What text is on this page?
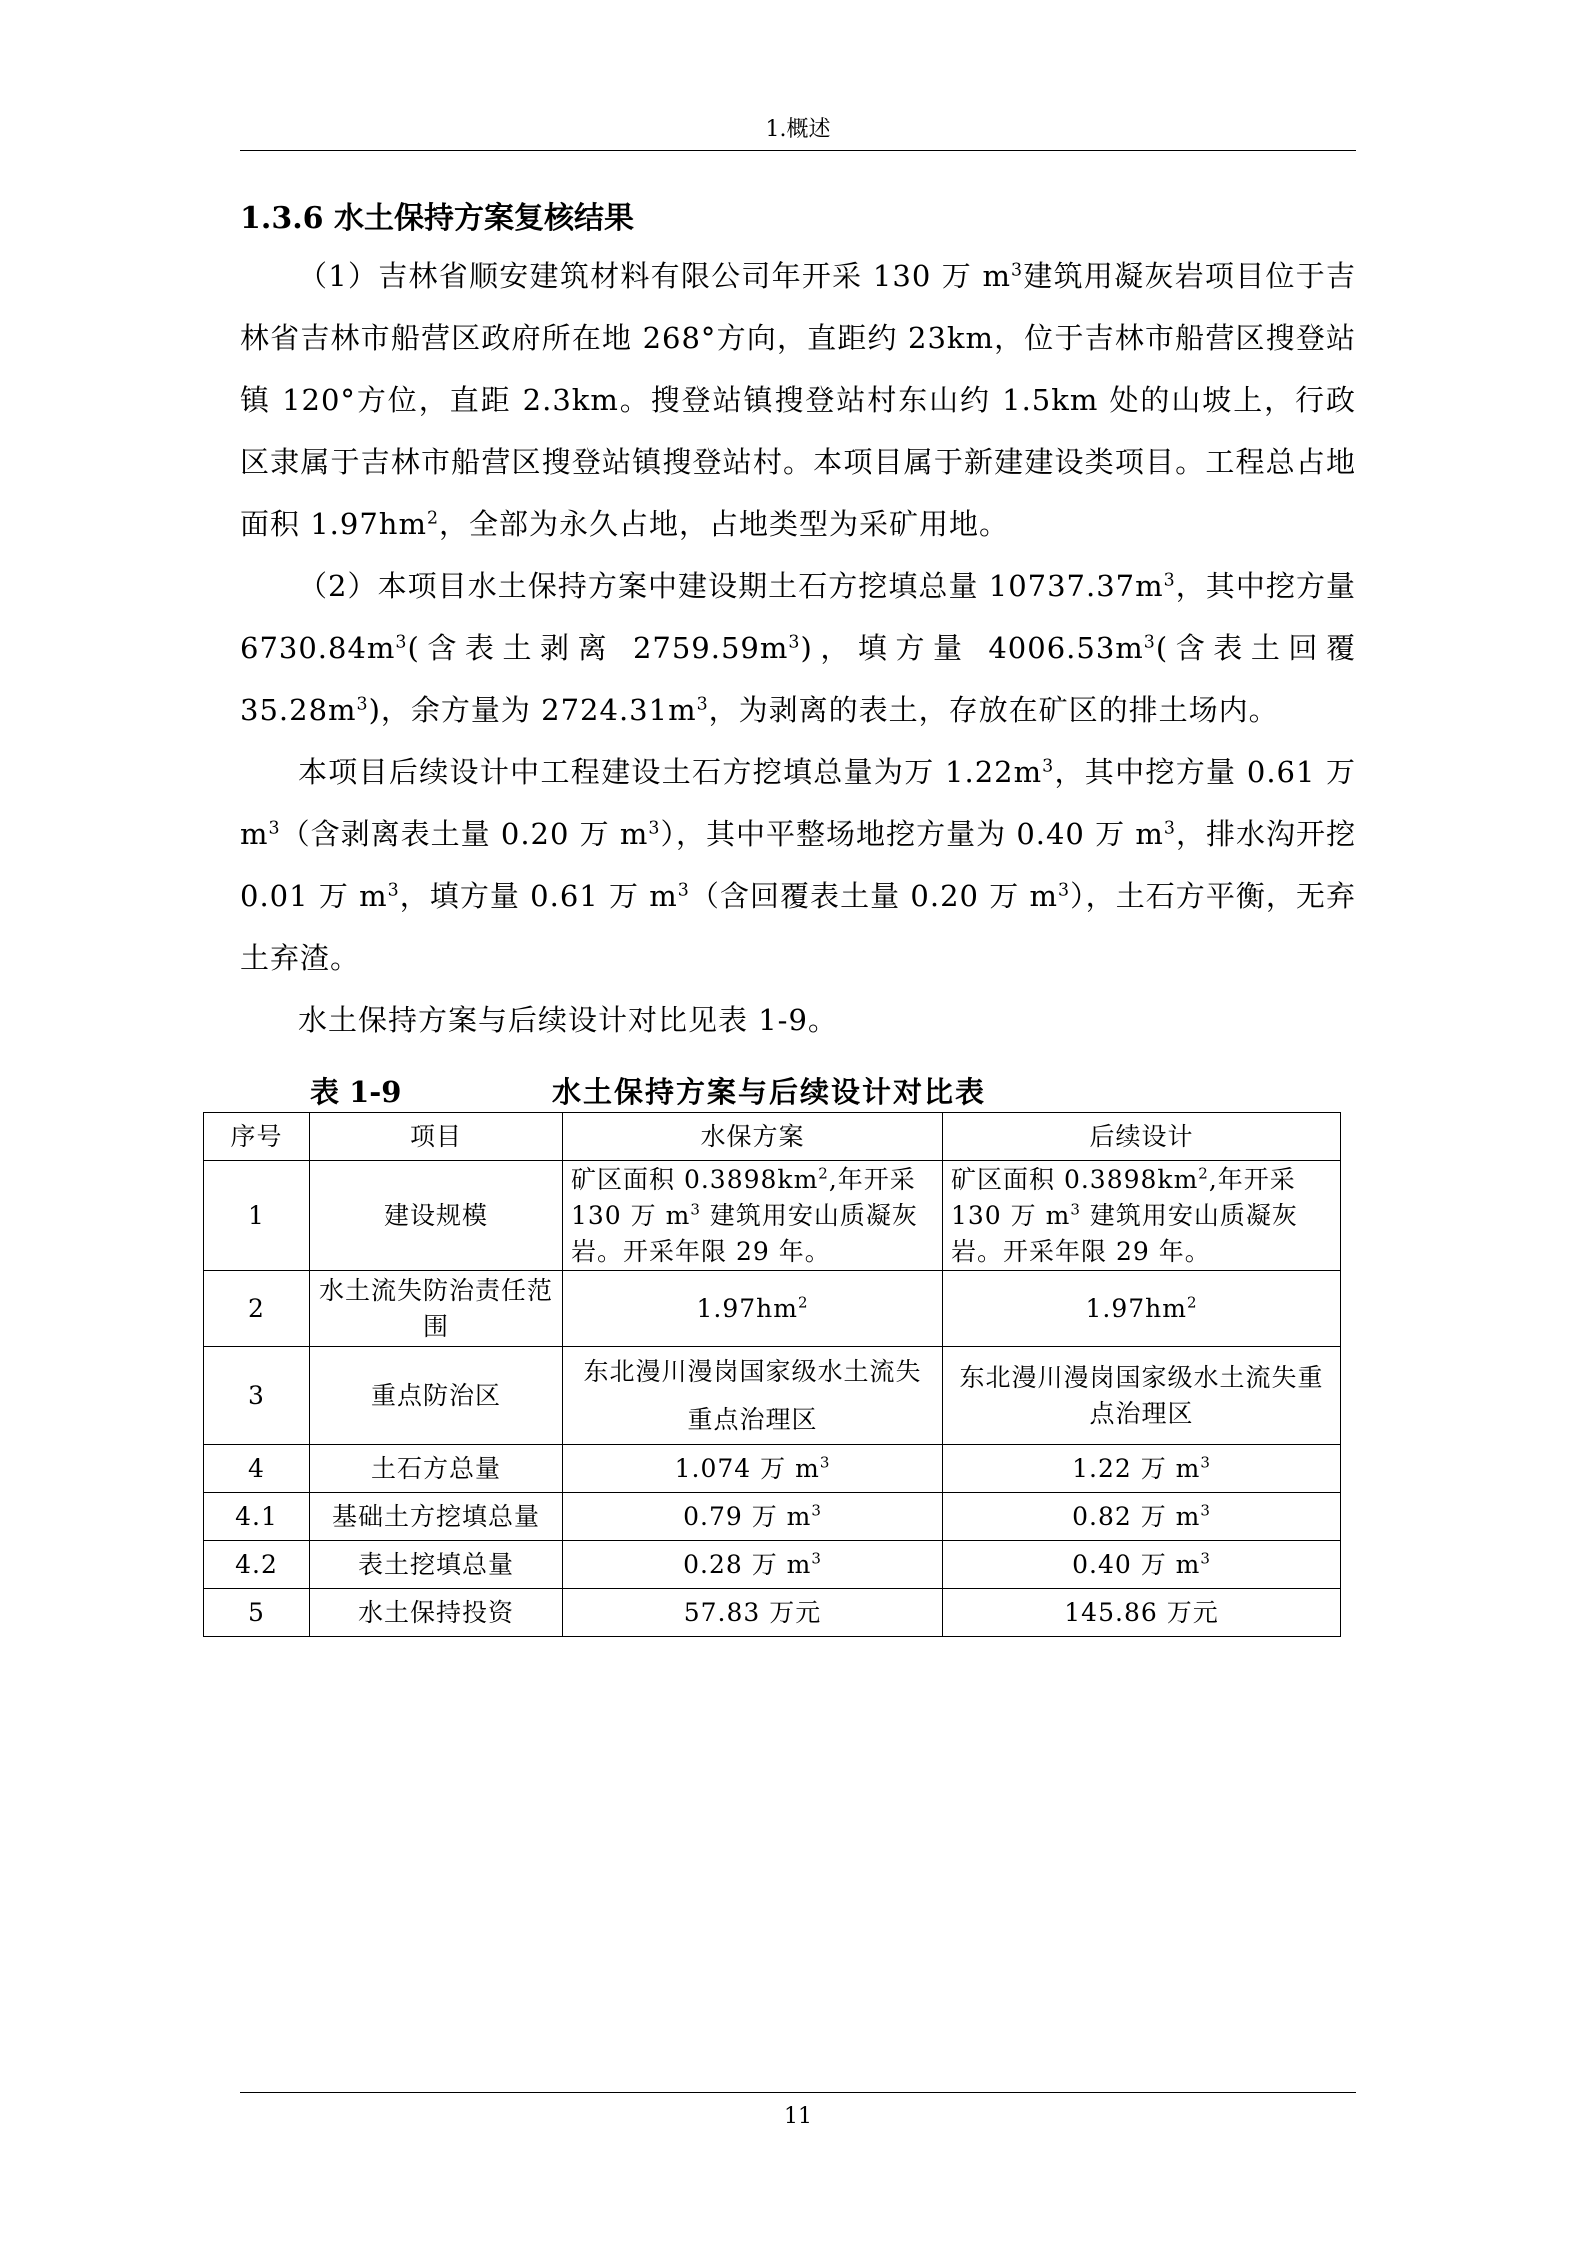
1.概述
1.3.6 水土保持方案复核结果

（1）吉林省顺安建筑材料有限公司年开采 130 万 $m^3$建筑用凝灰岩项目位于吉林省吉林市船营区政府所在地 268°方向，直距约 23km，位于吉林市船营区搜登站镇 120°方位，直距 2.3km。搜登站镇搜登站村东山约 1.5km 处的山坡上，行政区隶属于吉林市船营区搜登站镇搜登站村。本项目属于新建建设类项目。工程总占地面积 $1.97hm^2$，全部为永久占地，占地类型为采矿用地。

（2）本项目水土保持方案中建设期土石方挖填总量 $10737.37m^3$，其中挖方量 $6730.84m^3$(含表土剥离 $2759.59m^3$)，填方量 $4006.53m^3$(含表土回覆 $35.28m^3$)，余方量为 $2724.31m^3$，为剥离的表土，存放在矿区的排土场内。

本项目后续设计中工程建设土石方挖填总量为万 $1.22m^3$，其中挖方量 0.61 万 $m^3$（含剥离表土量 0.20 万 $m^3$），其中平整场地挖方量为 0.40 万 $m^3$，排水沟开挖 0.01 万 $m^3$，填方量 0.61 万 $m^3$（含回覆表土量 0.20 万 $m^3$），土石方平衡，无弃土弃渣。

水土保持方案与后续设计对比见表 1-9。

表 1-9	水土保持方案与后续设计对比表
序号	项目	水保方案	后续设计
1	建设规模	矿区面积 $0.3898km^2$,年开采 130 万 $m^3$ 建筑用安山质凝灰岩。开采年限 29 年。	矿区面积 $0.3898km^2$,年开采 130 万 $m^3$ 建筑用安山质凝灰岩。开采年限 29 年。
2	水土流失防治责任范围	$1.97hm^2$	$1.97hm^2$
3	重点防治区	东北漫川漫岗国家级水土流失重点治理区	东北漫川漫岗国家级水土流失重点治理区
4	土石方总量	1.074 万 $m^3$	1.22 万 $m^3$
4.1	基础土方挖填总量	0.79 万 $m^3$	0.82 万 $m^3$
4.2	表土挖填总量	0.28 万 $m^3$	0.40 万 $m^3$
5	水土保持投资	57.83 万元	145.86 万元
11
